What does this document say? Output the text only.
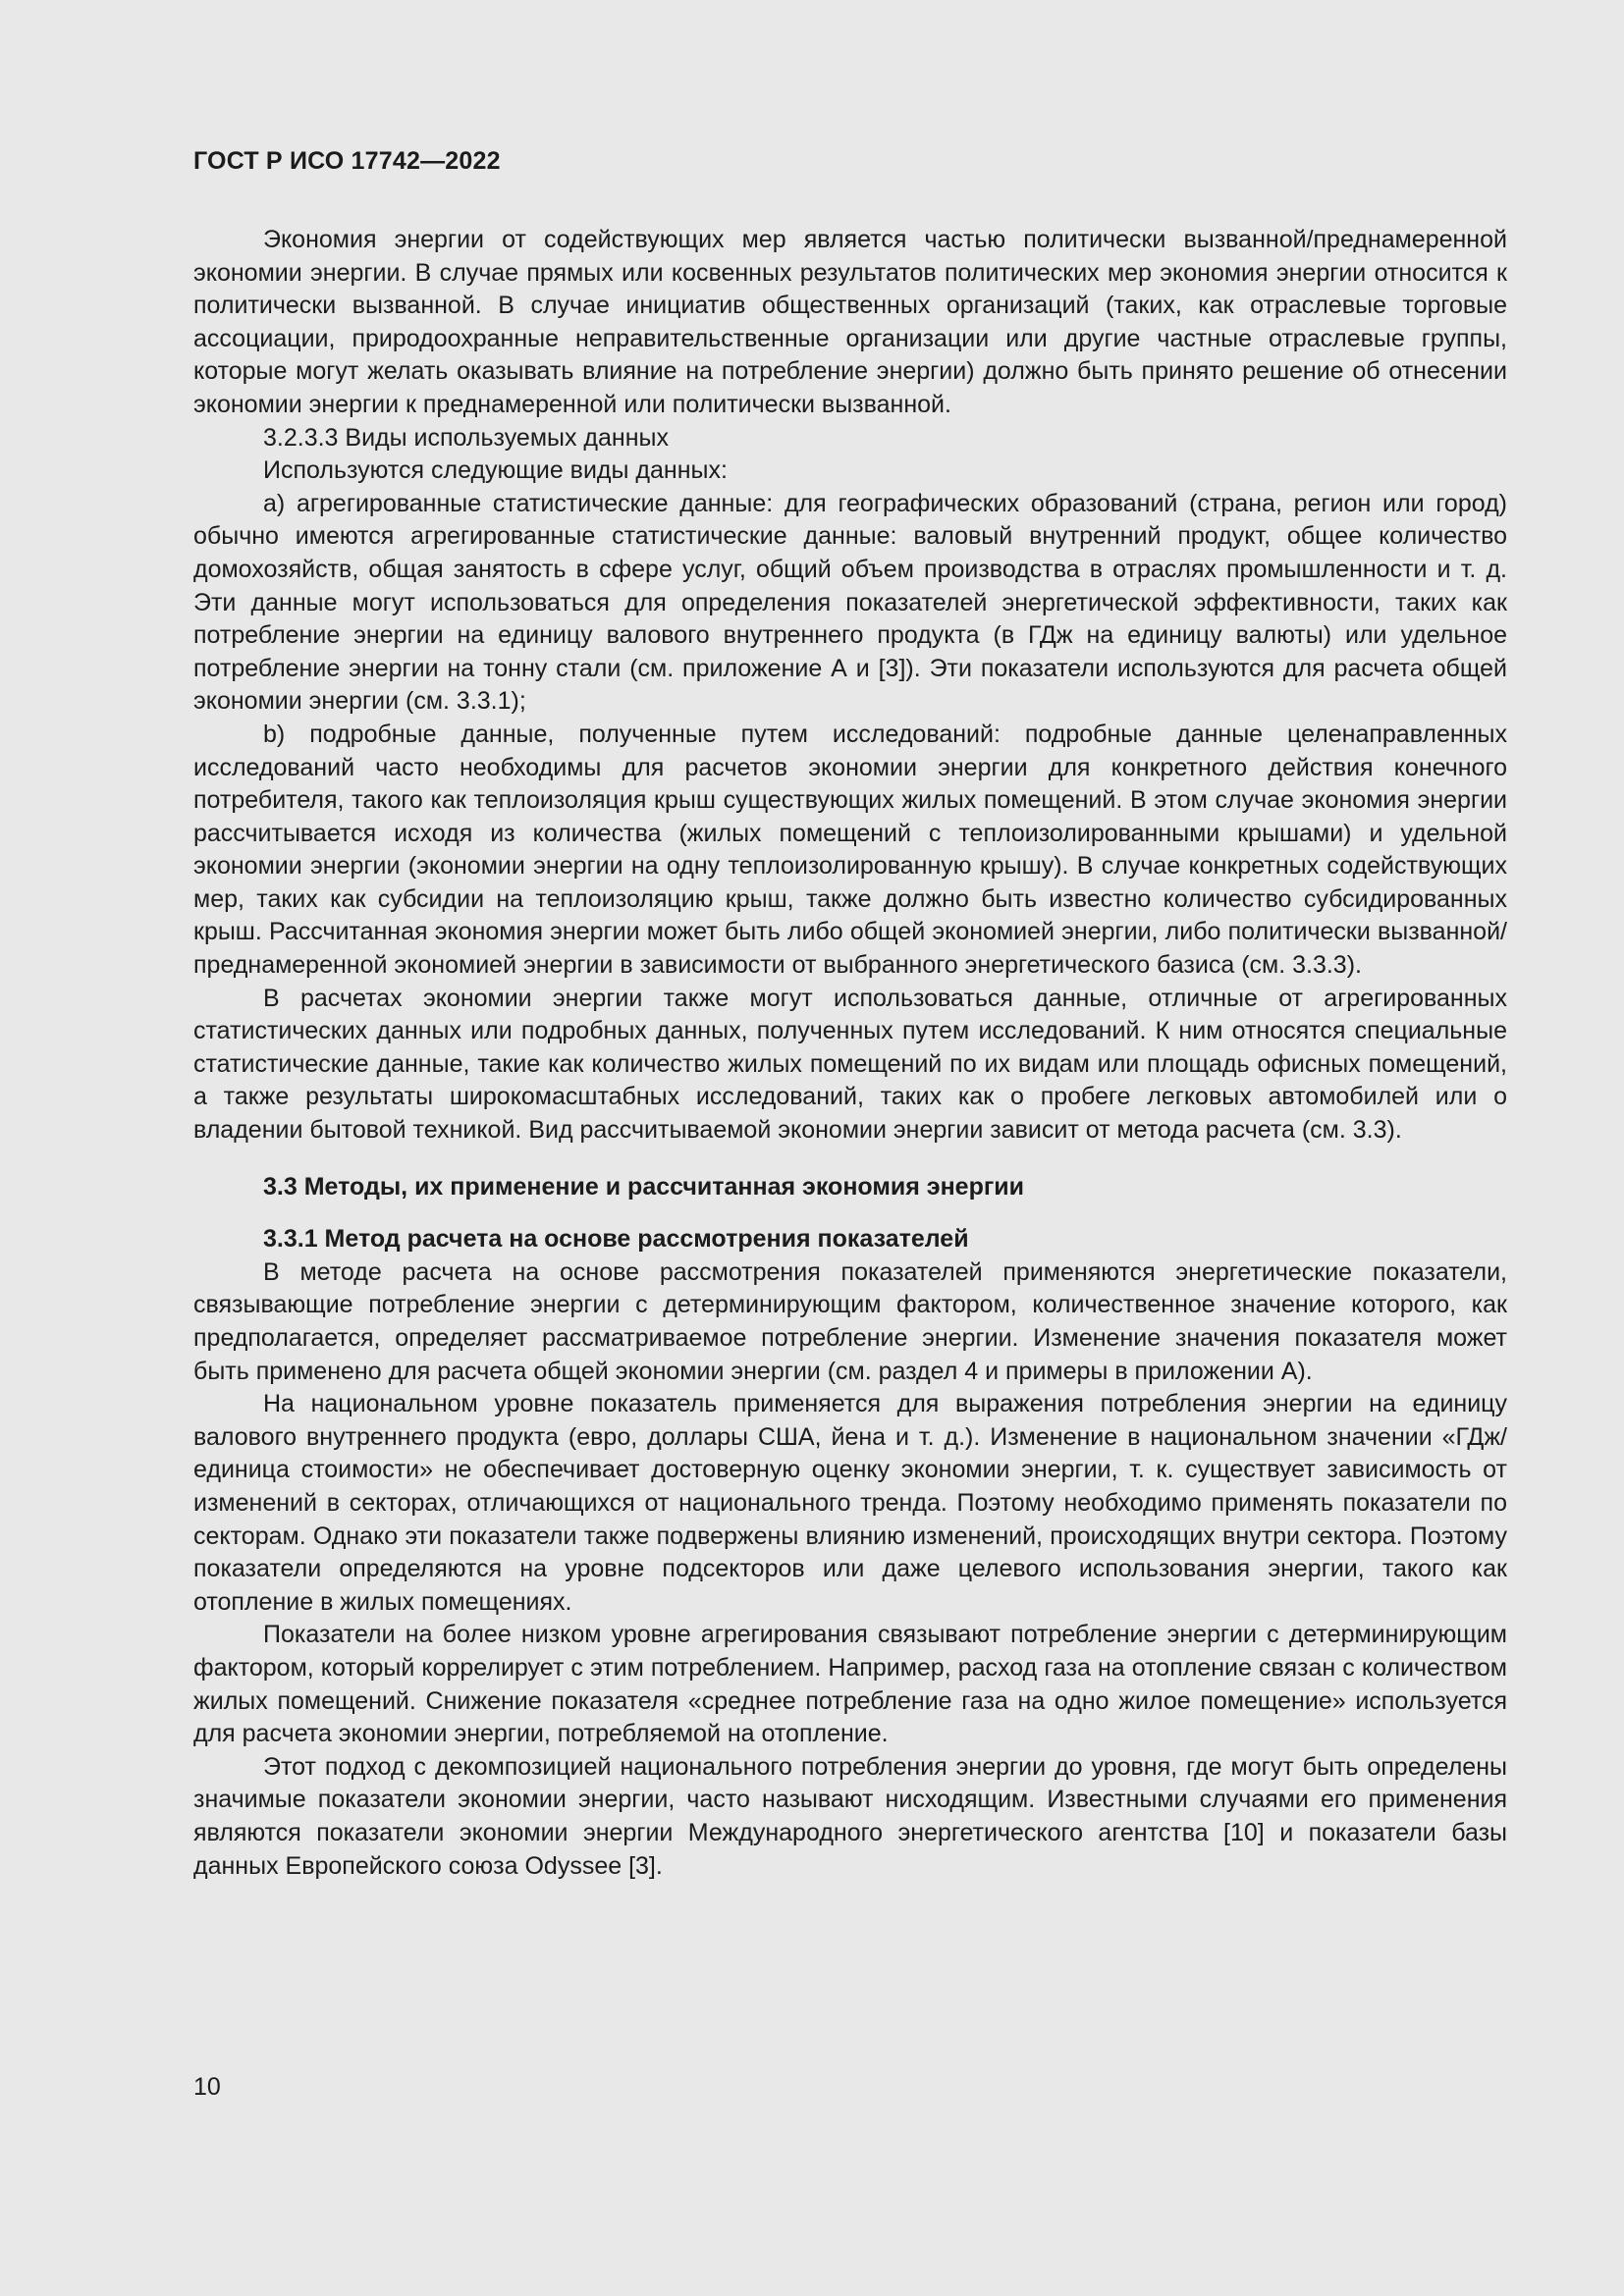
ГОСТ Р ИСО 17742—2022

Экономия энергии от содействующих мер является частью политически вызванной/преднамеренной экономии энергии. В случае прямых или косвенных результатов политических мер экономия энергии относится к политически вызванной. В случае инициатив общественных организаций (таких, как отраслевые торговые ассоциации, природоохранные неправительственные организации или другие частные отраслевые группы, которые могут желать оказывать влияние на потребление энергии) должно быть принято решение об отнесении экономии энергии к преднамеренной или политически вызванной.

3.2.3.3 Виды используемых данных

Используются следующие виды данных:

а) агрегированные статистические данные: для географических образований (страна, регион или город) обычно имеются агрегированные статистические данные: валовый внутренний продукт, общее количество домохозяйств, общая занятость в сфере услуг, общий объем производства в отраслях промышленности и т. д. Эти данные могут использоваться для определения показателей энергетической эффективности, таких как потребление энергии на единицу валового внутреннего продукта (в ГДж на единицу валюты) или удельное потребление энергии на тонну стали (см. приложение А и [3]). Эти показатели используются для расчета общей экономии энергии (см. 3.3.1);

b) подробные данные, полученные путем исследований: подробные данные целенаправленных исследований часто необходимы для расчетов экономии энергии для конкретного действия конечного потребителя, такого как теплоизоляция крыш существующих жилых помещений. В этом случае экономия энергии рассчитывается исходя из количества (жилых помещений с теплоизолированными крышами) и удельной экономии энергии (экономии энергии на одну теплоизолированную крышу). В случае конкретных содействующих мер, таких как субсидии на теплоизоляцию крыш, также должно быть известно количество субсидированных крыш. Рассчитанная экономия энергии может быть либо общей экономией энергии, либо политически вызванной/преднамеренной экономией энергии в зависимости от выбранного энергетического базиса (см. 3.3.3).

В расчетах экономии энергии также могут использоваться данные, отличные от агрегированных статистических данных или подробных данных, полученных путем исследований. К ним относятся специальные статистические данные, такие как количество жилых помещений по их видам или площадь офисных помещений, а также результаты широкомасштабных исследований, таких как о пробеге легковых автомобилей или о владении бытовой техникой. Вид рассчитываемой экономии энергии зависит от метода расчета (см. 3.3).

3.3 Методы, их применение и рассчитанная экономия энергии

3.3.1 Метод расчета на основе рассмотрения показателей

В методе расчета на основе рассмотрения показателей применяются энергетические показатели, связывающие потребление энергии с детерминирующим фактором, количественное значение которого, как предполагается, определяет рассматриваемое потребление энергии. Изменение значения показателя может быть применено для расчета общей экономии энергии (см. раздел 4 и примеры в приложении А).

На национальном уровне показатель применяется для выражения потребления энергии на единицу валового внутреннего продукта (евро, доллары США, йена и т. д.). Изменение в национальном значении «ГДж/единица стоимости» не обеспечивает достоверную оценку экономии энергии, т. к. существует зависимость от изменений в секторах, отличающихся от национального тренда. Поэтому необходимо применять показатели по секторам. Однако эти показатели также подвержены влиянию изменений, происходящих внутри сектора. Поэтому показатели определяются на уровне подсекторов или даже целевого использования энергии, такого как отопление в жилых помещениях.

Показатели на более низком уровне агрегирования связывают потребление энергии с детерминирующим фактором, который коррелирует с этим потреблением. Например, расход газа на отопление связан с количеством жилых помещений. Снижение показателя «среднее потребление газа на одно жилое помещение» используется для расчета экономии энергии, потребляемой на отопление.

Этот подход с декомпозицией национального потребления энергии до уровня, где могут быть определены значимые показатели экономии энергии, часто называют нисходящим. Известными случаями его применения являются показатели экономии энергии Международного энергетического агентства [10] и показатели базы данных Европейского союза Odyssee [3].

10
